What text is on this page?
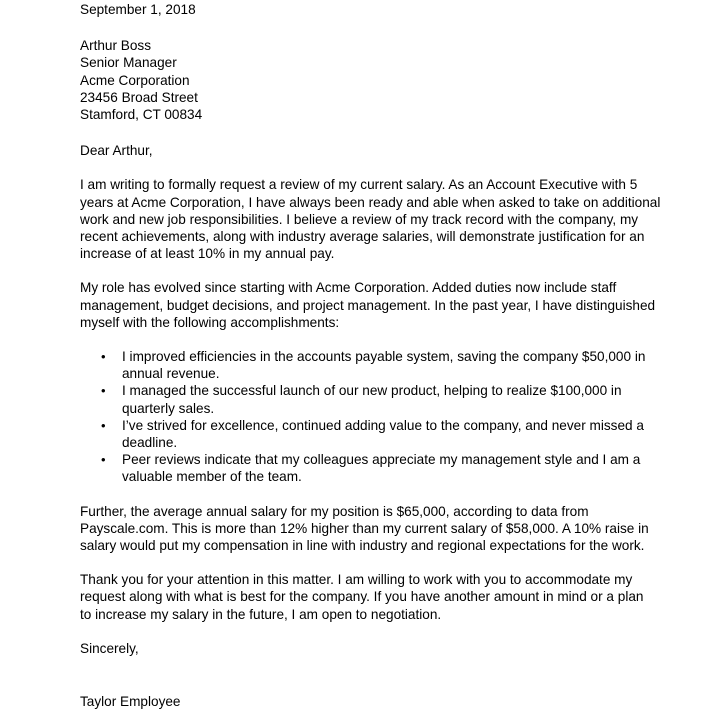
September 1, 2018
Arthur Boss
Senior Manager
Acme Corporation
23456 Broad Street
Stamford, CT 00834
Dear Arthur,
I am writing to formally request a review of my current salary. As an Account Executive with 5
years at Acme Corporation, I have always been ready and able when asked to take on additional
work and new job responsibilities. I believe a review of my track record with the company, my
recent achievements, along with industry average salaries, will demonstrate justification for an
increase of at least 10% in my annual pay.
My role has evolved since starting with Acme Corporation. Added duties now include staff
management, budget decisions, and project management. In the past year, I have distinguished
myself with the following accomplishments:
• I improved efficiencies in the accounts payable system, saving the company $50,000 in
annual revenue.
• I managed the successful launch of our new product, helping to realize $100,000 in
quarterly sales.
• I’ve strived for excellence, continued adding value to the company, and never missed a
deadline.
• Peer reviews indicate that my colleagues appreciate my management style and I am a
valuable member of the team.
Further, the average annual salary for my position is $65,000, according to data from
Payscale.com. This is more than 12% higher than my current salary of $58,000. A 10% raise in
salary would put my compensation in line with industry and regional expectations for the work.
Thank you for your attention in this matter. I am willing to work with you to accommodate my
request along with what is best for the company. If you have another amount in mind or a plan
to increase my salary in the future, I am open to negotiation.
Sincerely,
Taylor Employee
